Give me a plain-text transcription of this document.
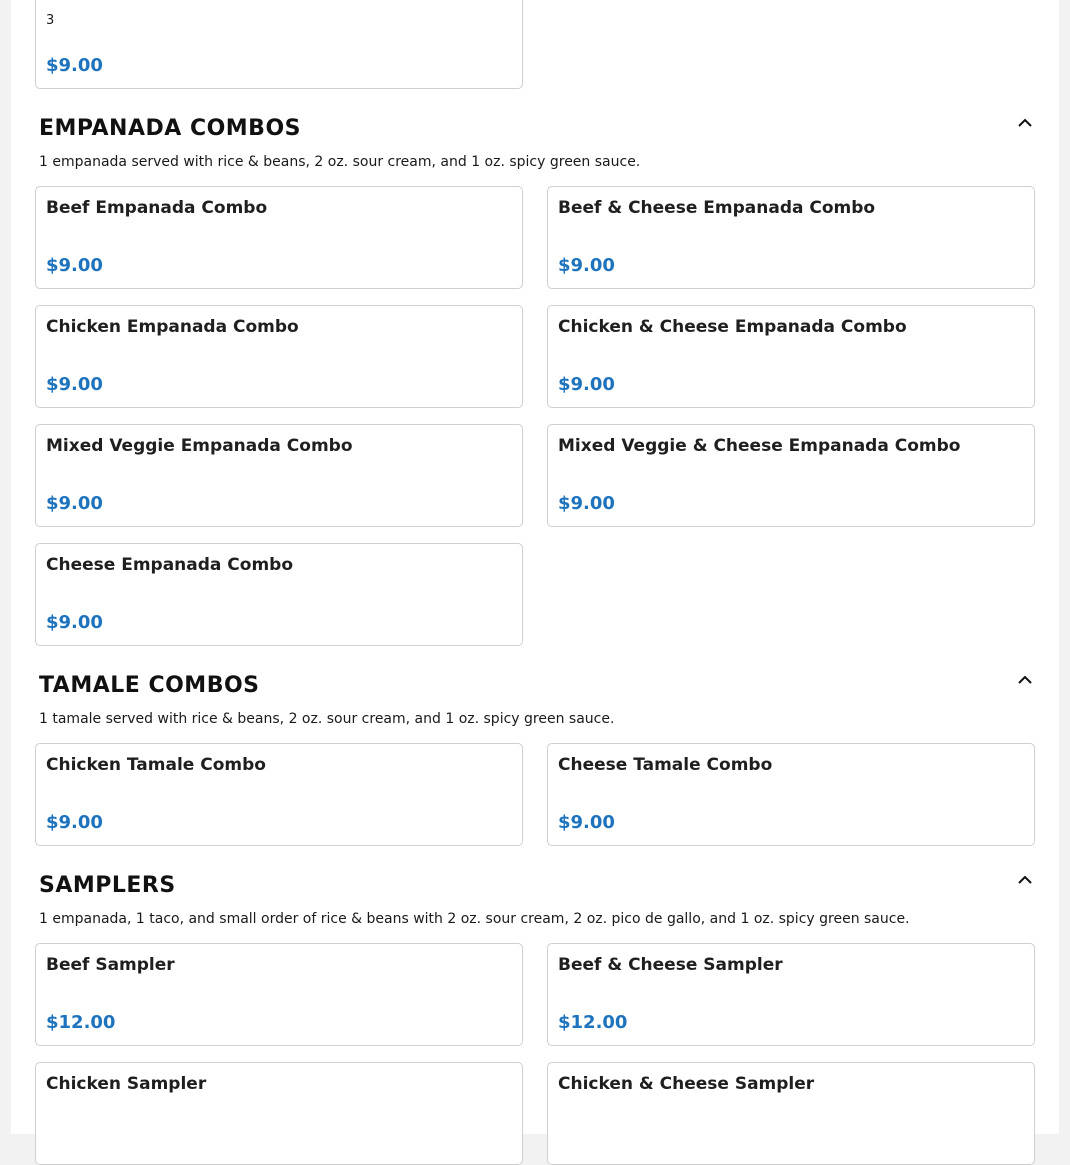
3
$9.00
EMPANADA COMBOS
1 empanada served with rice & beans, 2 oz. sour cream, and 1 oz. spicy green sauce.
Beef Empanada Combo
$9.00
Beef & Cheese Empanada Combo
$9.00
Chicken Empanada Combo
$9.00
Chicken & Cheese Empanada Combo
$9.00
Mixed Veggie Empanada Combo
$9.00
Mixed Veggie & Cheese Empanada Combo
$9.00
Cheese Empanada Combo
$9.00
TAMALE COMBOS
1 tamale served with rice & beans, 2 oz. sour cream, and 1 oz. spicy green sauce.
Chicken Tamale Combo
$9.00
Cheese Tamale Combo
$9.00
SAMPLERS
1 empanada, 1 taco, and small order of rice & beans with 2 oz. sour cream, 2 oz. pico de gallo, and 1 oz. spicy green sauce.
Beef Sampler
$12.00
Beef & Cheese Sampler
$12.00
Chicken Sampler	Chicken & Cheese Sampler
